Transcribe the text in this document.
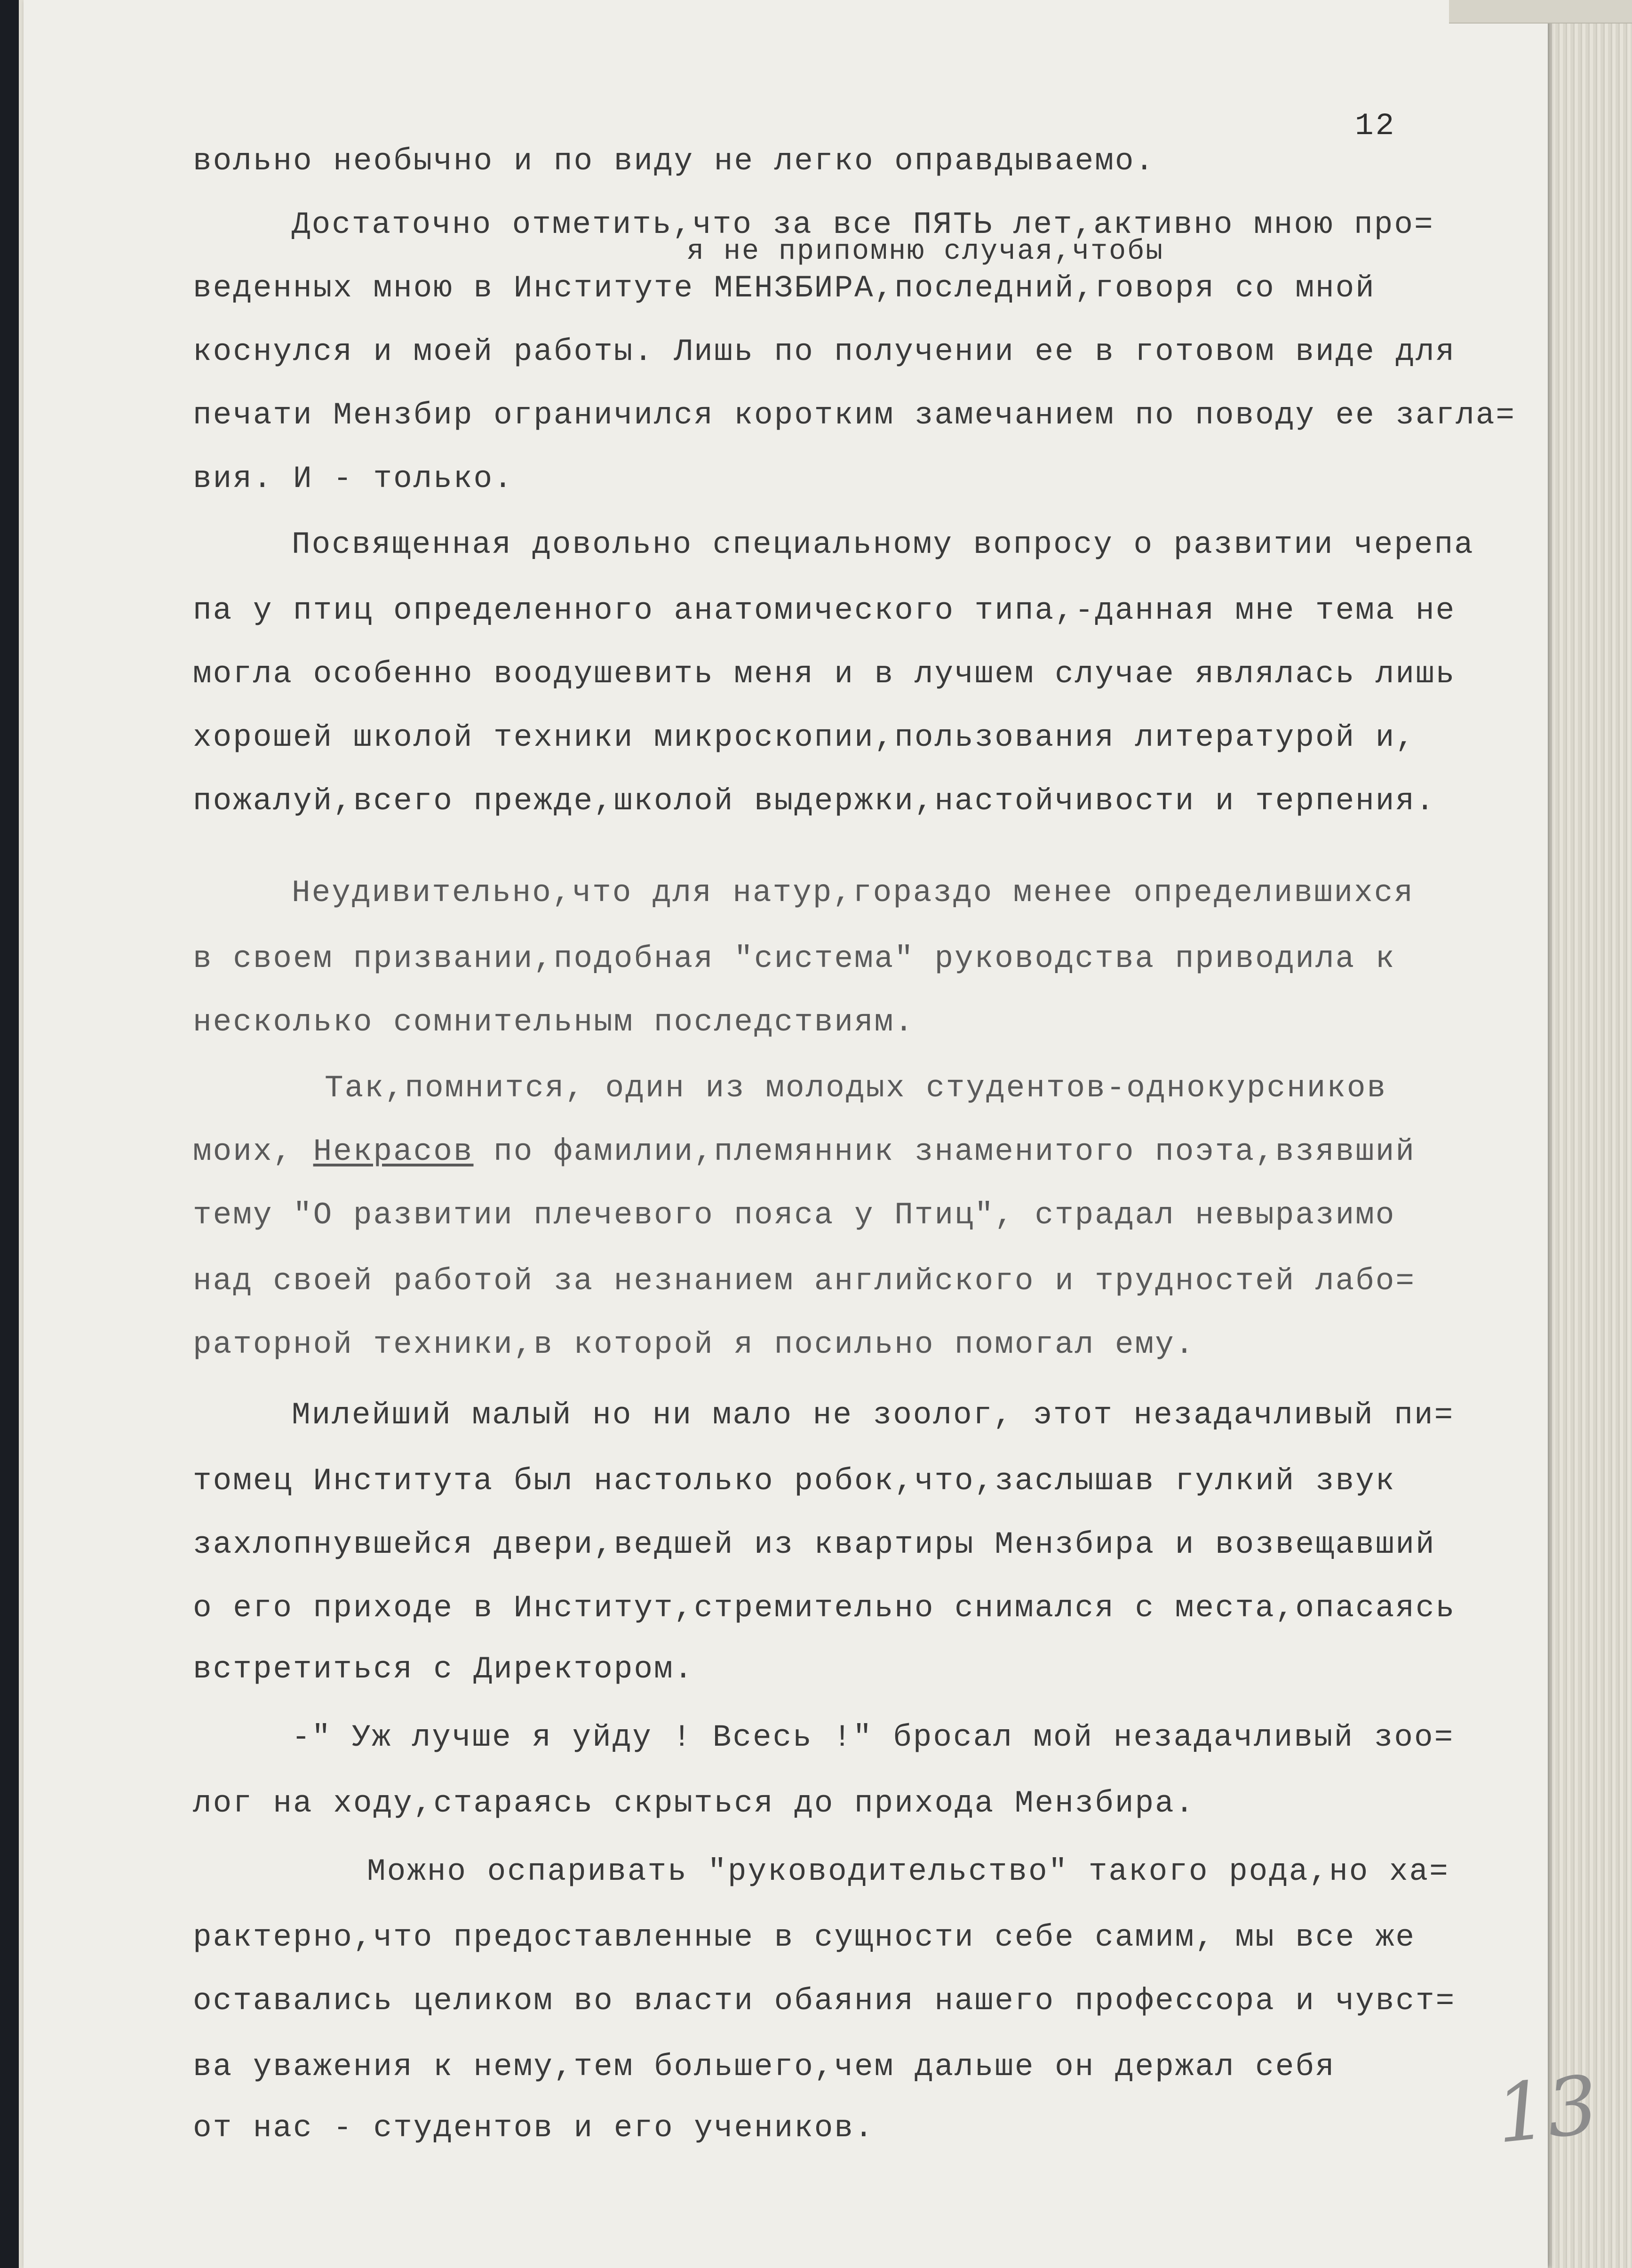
12
я не припомню случая,чтобы
вольно необычно и по виду не легко оправдываемо.
Достаточно отметить,что за все ПЯТЬ лет,активно мною про=
веденных мною в Институте МЕНЗБИРА,последний,говоря со мной
коснулся и моей работы. Лишь по получении ее в готовом виде для
печати Мензбир ограничился коротким замечанием по поводу ее загла=
вия. И - только.
Посвященная довольно специальному вопросу о развитии черепа
па у птиц определенного анатомического типа,-данная мне тема не
могла особенно воодушевить меня и в лучшем случае являлась лишь
хорошей школой техники микроскопии,пользования литературой и,
пожалуй,всего прежде,школой выдержки,настойчивости и терпения.
Неудивительно,что для натур,гораздо менее определившихся
в своем призвании,подобная "система" руководства приводила к
несколько сомнительным последствиям.
Так,помнится, один из молодых студентов-однокурсников
моих, Некрасов по фамилии,племянник знаменитого поэта,взявший
тему "О развитии плечевого пояса у Птиц", страдал невыразимо
над своей работой за незнанием английского и трудностей лабо=
раторной техники,в которой я посильно помогал ему.
Милейший малый но ни мало не зоолог, этот незадачливый пи=
томец Института был настолько робок,что,заслышав гулкий звук
захлопнувшейся двери,ведшей из квартиры Мензбира и возвещавший
о его приходе в Институт,стремительно снимался с места,опасаясь
встретиться с Директором.
-" Уж лучше я уйду ! Всесь !" бросал мой незадачливый зоо=
лог на ходу,стараясь скрыться до прихода Мензбира.
Можно оспаривать "руководительство" такого рода,но ха=
рактерно,что предоставленные в сущности себе самим, мы все же
оставались целиком во власти обаяния нашего профессора и чувст=
ва уважения к нему,тем большего,чем дальше он держал себя
от нас - студентов и его учеников.	13
